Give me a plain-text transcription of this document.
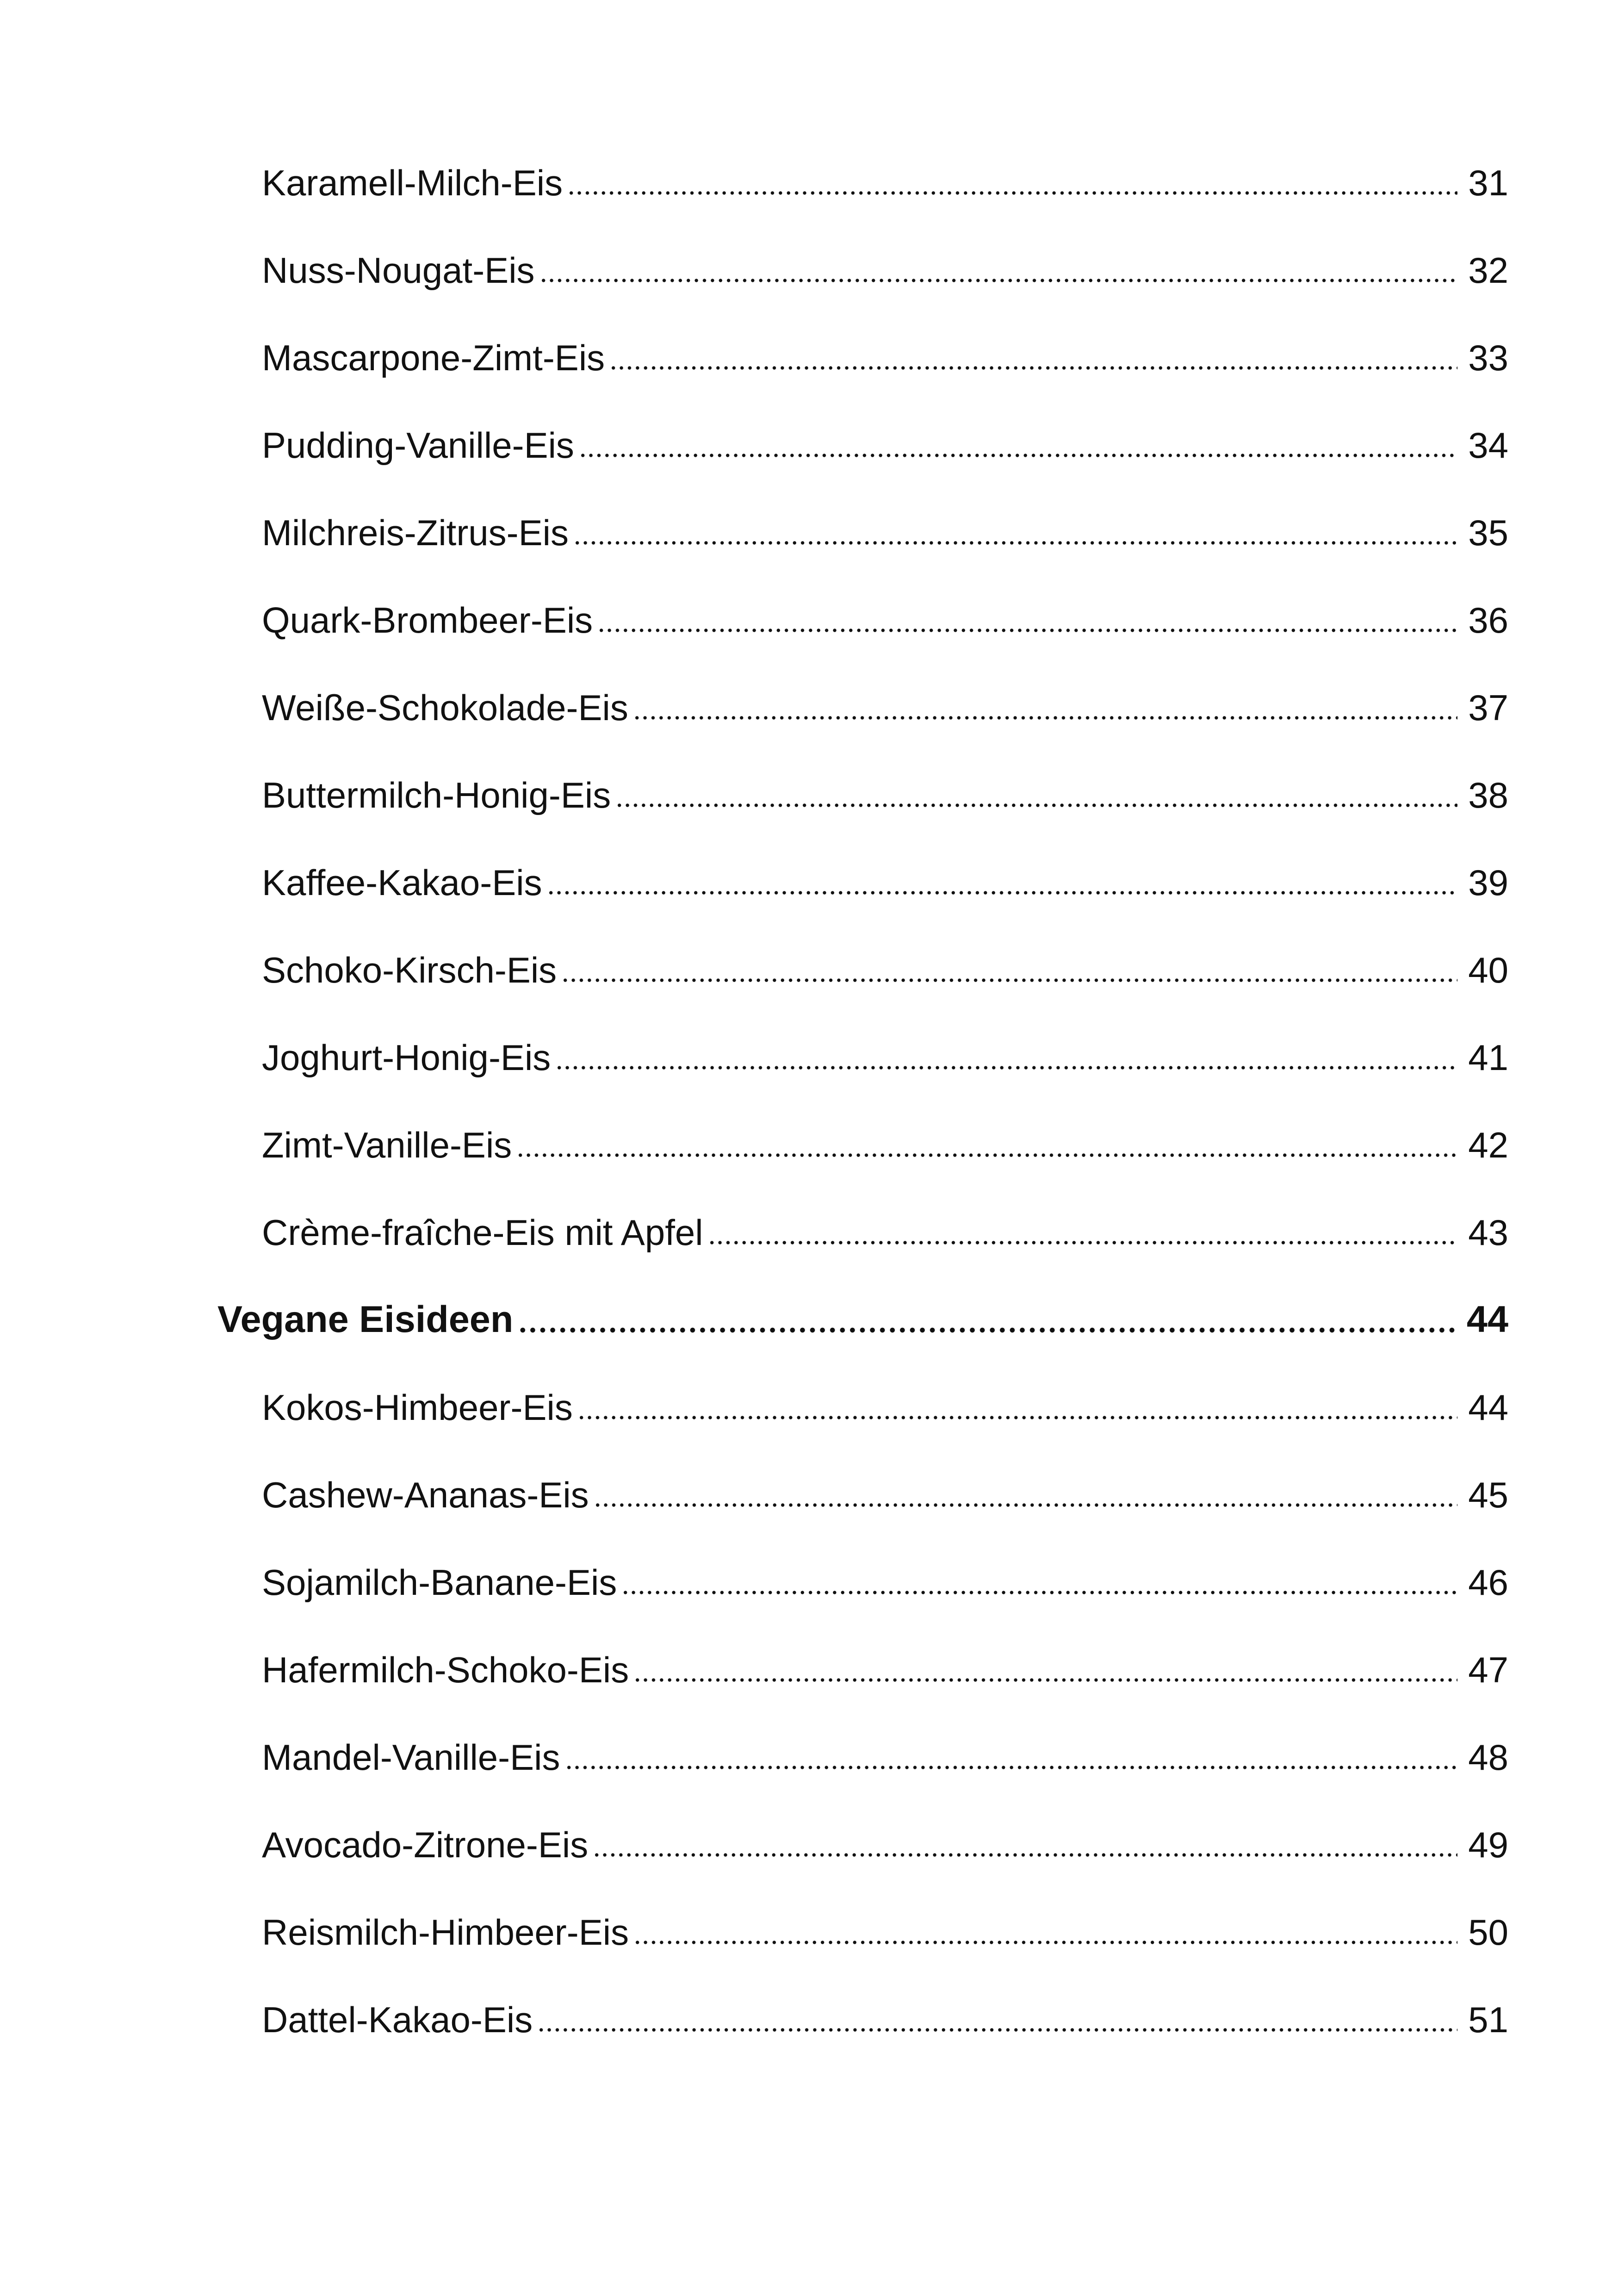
Karamell-Milch-Eis	31
Nuss-Nougat-Eis	32
Mascarpone-Zimt-Eis	33
Pudding-Vanille-Eis	34
Milchreis-Zitrus-Eis	35
Quark-Brombeer-Eis	36
Weiße-Schokolade-Eis	37
Buttermilch-Honig-Eis	38
Kaffee-Kakao-Eis	39
Schoko-Kirsch-Eis	40
Joghurt-Honig-Eis	41
Zimt-Vanille-Eis	42
Crème-fraîche-Eis mit Apfel	43
Vegane Eisideen	44
Kokos-Himbeer-Eis	44
Cashew-Ananas-Eis	45
Sojamilch-Banane-Eis	46
Hafermilch-Schoko-Eis	47
Mandel-Vanille-Eis	48
Avocado-Zitrone-Eis	49
Reismilch-Himbeer-Eis	50
Dattel-Kakao-Eis	51
